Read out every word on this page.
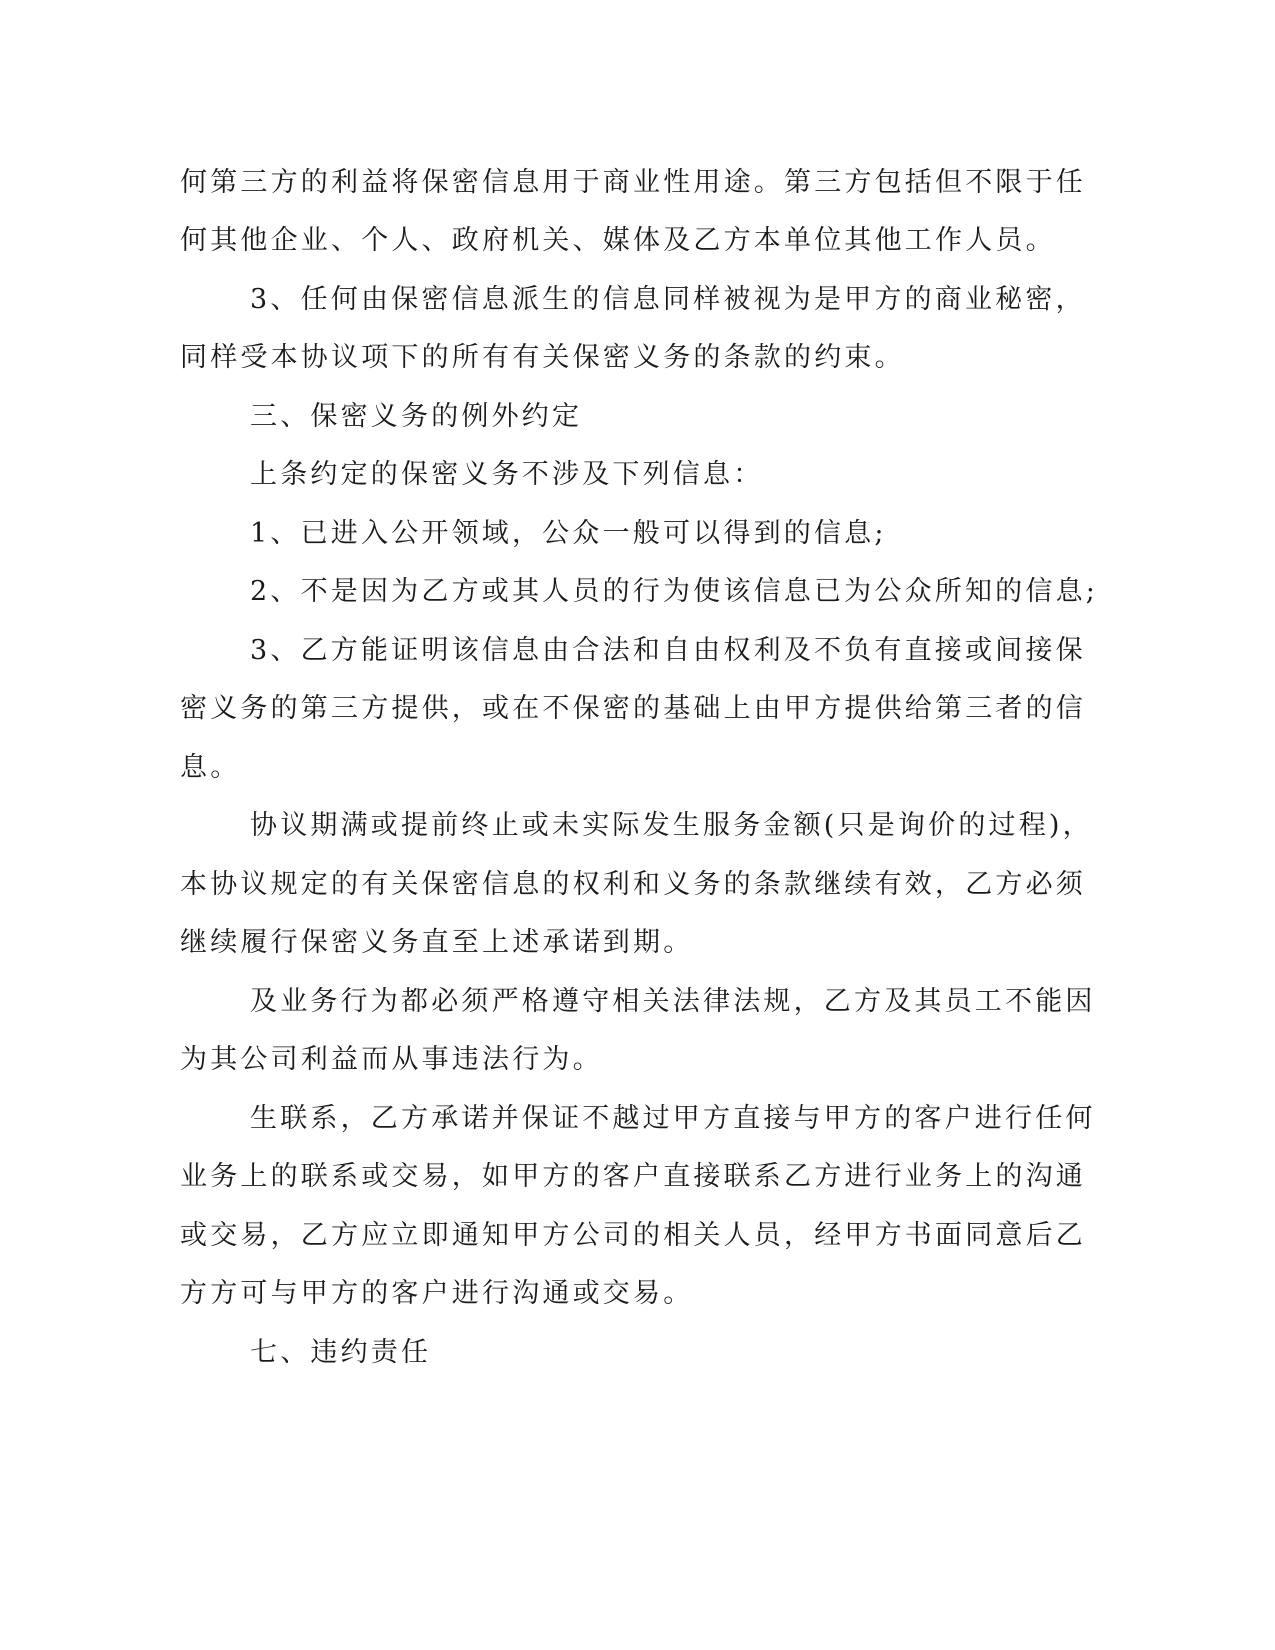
何第三方的利益将保密信息用于商业性用途。第三方包括但不限于任

何其他企业、个人、政府机关、媒体及乙方本单位其他工作人员。

3、任何由保密信息派生的信息同样被视为是甲方的商业秘密，

同样受本协议项下的所有有关保密义务的条款的约束。

三、保密义务的例外约定

上条约定的保密义务不涉及下列信息：

1、已进入公开领域，公众一般可以得到的信息;

2、不是因为乙方或其人员的行为使该信息已为公众所知的信息;

3、乙方能证明该信息由合法和自由权利及不负有直接或间接保

密义务的第三方提供，或在不保密的基础上由甲方提供给第三者的信

息。

协议期满或提前终止或未实际发生服务金额(只是询价的过程)，

本协议规定的有关保密信息的权利和义务的条款继续有效，乙方必须

继续履行保密义务直至上述承诺到期。

及业务行为都必须严格遵守相关法律法规，乙方及其员工不能因

为其公司利益而从事违法行为。

生联系，乙方承诺并保证不越过甲方直接与甲方的客户进行任何

业务上的联系或交易，如甲方的客户直接联系乙方进行业务上的沟通

或交易，乙方应立即通知甲方公司的相关人员，经甲方书面同意后乙

方方可与甲方的客户进行沟通或交易。

七、违约责任
